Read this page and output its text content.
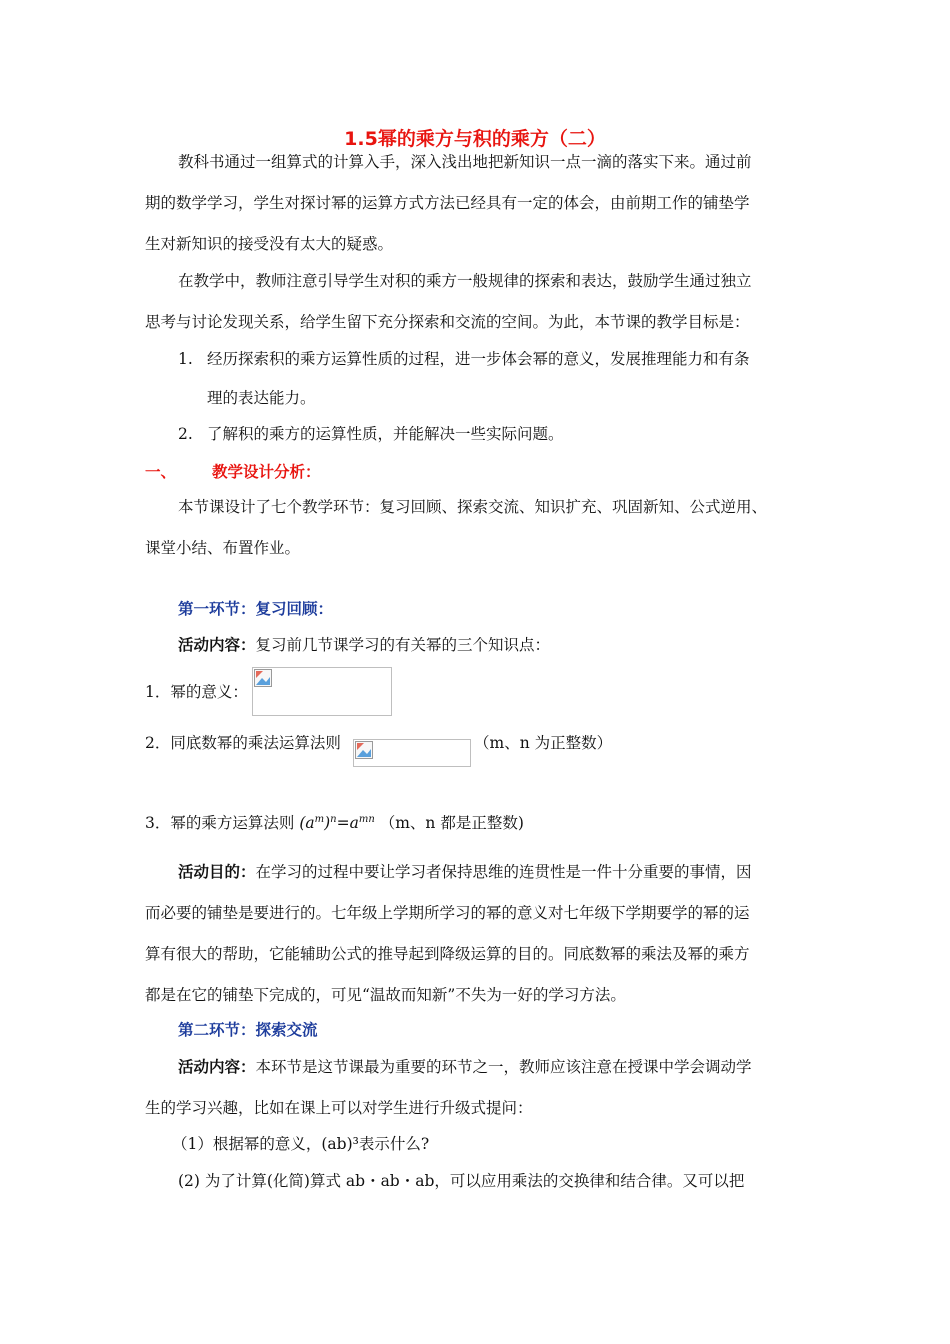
1.5幂的乘方与积的乘方（二）
教科书通过一组算式的计算入手，深入浅出地把新知识一点一滴的落实下来。通过前
期的数学学习，学生对探讨幂的运算方式方法已经具有一定的体会，由前期工作的铺垫学
生对新知识的接受没有太大的疑惑。
在教学中，教师注意引导学生对积的乘方一般规律的探索和表达，鼓励学生通过独立
思考与讨论发现关系，给学生留下充分探索和交流的空间。为此，本节课的教学目标是：
1. 经历探索积的乘方运算性质的过程，进一步体会幂的意义，发展推理能力和有条
理的表达能力。
2. 了解积的乘方的运算性质，并能解决一些实际问题。
一、 教学设计分析：
本节课设计了七个教学环节：复习回顾、探索交流、知识扩充、巩固新知、公式逆用、
课堂小结、布置作业。
第一环节：复习回顾：
活动内容：复习前几节课学习的有关幂的三个知识点：
1．幂的意义：
2．同底数幂的乘法运算法则	（m、n 为正整数）
3．幂的乘方运算法则 $(a^m)^n=a^{mn}$ （m、n 都是正整数)
活动目的：在学习的过程中要让学习者保持思维的连贯性是一件十分重要的事情，因
而必要的铺垫是要进行的。七年级上学期所学习的幂的意义对七年级下学期要学的幂的运
算有很大的帮助，它能辅助公式的推导起到降级运算的目的。同底数幂的乘法及幂的乘方
都是在它的铺垫下完成的，可见“温故而知新”不失为一好的学习方法。
第二环节：探索交流
活动内容：本环节是这节课最为重要的环节之一，教师应该注意在授课中学会调动学
生的学习兴趣，比如在课上可以对学生进行升级式提问：
（1）根据幂的意义，(ab)³表示什么?
(2) 为了计算(化简)算式 ab・ab・ab，可以应用乘法的交换律和结合律。又可以把
